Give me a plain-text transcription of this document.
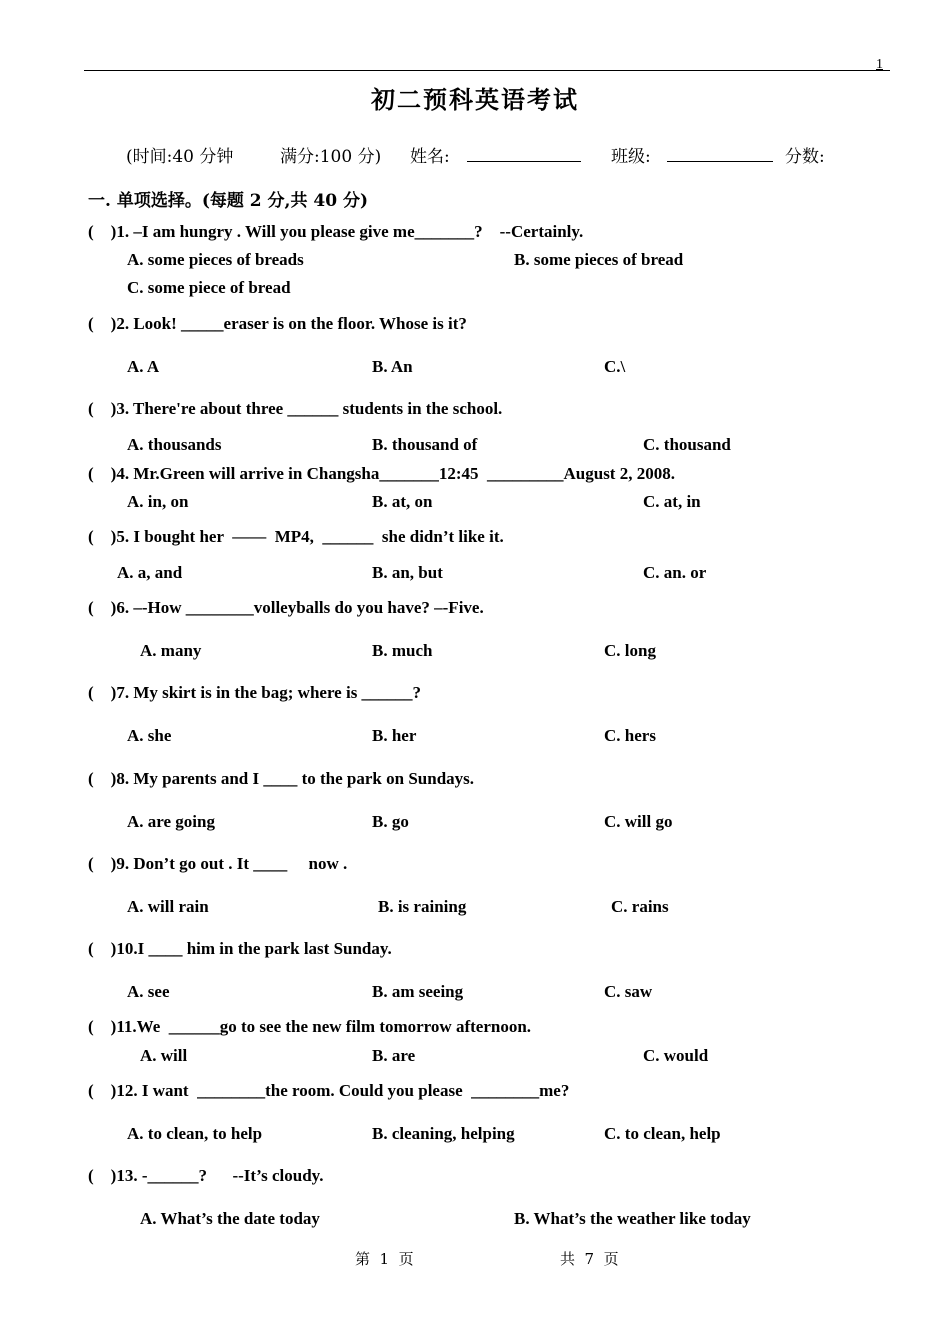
1
初二预科英语考试
(时间:40 分钟	满分:100 分) 姓名:	班级:	分数:
一. 单项选择。(每题 2 分,共 40 分)
(    )1. –I am hungry . Will you please give me_______?    --Certainly.
A. some pieces of breads	B. some pieces of bread
C. some piece of bread
(    )2. Look! _____eraser is on the floor. Whose is it?
A. A	B. An	C.\
(    )3. There're about three ______ students in the school.
A. thousands	B. thousand of	C. thousand
(    )4. Mr.Green will arrive in Changsha_______12:45  _________August 2, 2008.
A. in, on	B. at, on	C. at, in
(    )5. I bought her  ——  MP4,  ______  she didn’t like it.
A. a, and	B. an, but	C. an. or
(    )6. –-How ________volleyballs do you have? –-Five.
A. many	B. much	C. long
(    )7. My skirt is in the bag; where is ______?
A. she	B. her	C. hers
(    )8. My parents and I ____ to the park on Sundays.
A. are going	B. go	C. will go
(    )9. Don’t go out . It ____     now .
A. will rain	B. is raining	C. rains
(    )10.I ____ him in the park last Sunday.
A. see	B. am seeing	C. saw
(    )11.We  ______go to see the new film tomorrow afternoon.
A. will	B. are	C. would
(    )12. I want  ________the room. Could you please  ________me?
A. to clean, to help	B. cleaning, helping	C. to clean, help
(    )13. -______?      --It’s cloudy.
A. What’s the date today	B. What’s the weather like today
第  1  页	共  7  页
